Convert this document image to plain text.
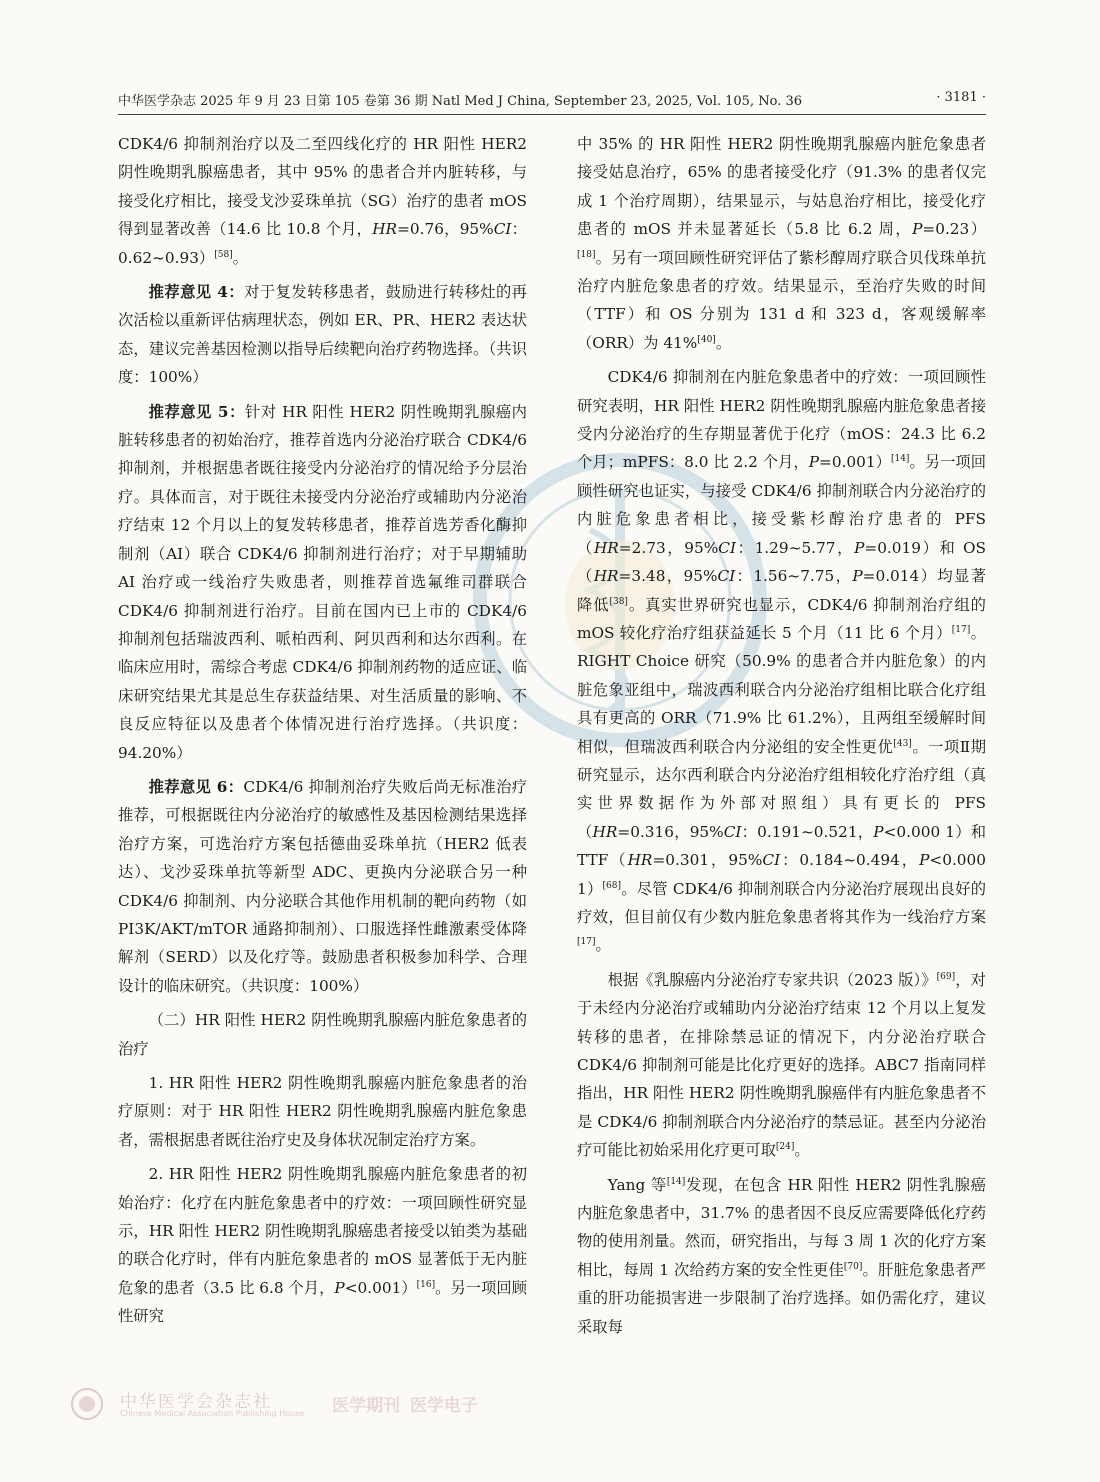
中华医学杂志 2025 年 9 月 23 日第 105 卷第 36 期 Natl Med J China, September 23, 2025, Vol. 105, No. 36	· 3181 ·

CDK4/6 抑制剂治疗以及二至四线化疗的 HR 阳性 HER2 阴性晚期乳腺癌患者，其中 95% 的患者合并内脏转移，与接受化疗相比，接受戈沙妥珠单抗（SG）治疗的患者 mOS 得到显著改善（14.6 比 10.8 个月，HR=0.76，95%CI：0.62~0.93）[58]。

推荐意见 4：对于复发转移患者，鼓励进行转移灶的再次活检以重新评估病理状态，例如 ER、PR、HER2 表达状态，建议完善基因检测以指导后续靶向治疗药物选择。（共识度：100%）

推荐意见 5：针对 HR 阳性 HER2 阴性晚期乳腺癌内脏转移患者的初始治疗，推荐首选内分泌治疗联合 CDK4/6 抑制剂，并根据患者既往接受内分泌治疗的情况给予分层治疗。具体而言，对于既往未接受内分泌治疗或辅助内分泌治疗结束 12 个月以上的复发转移患者，推荐首选芳香化酶抑制剂（AI）联合 CDK4/6 抑制剂进行治疗；对于早期辅助 AI 治疗或一线治疗失败患者，则推荐首选氟维司群联合 CDK4/6 抑制剂进行治疗。目前在国内已上市的 CDK4/6 抑制剂包括瑞波西利、哌柏西利、阿贝西利和达尔西利。在临床应用时，需综合考虑 CDK4/6 抑制剂药物的适应证、临床研究结果尤其是总生存获益结果、对生活质量的影响、不良反应特征以及患者个体情况进行治疗选择。（共识度：94.20%）

推荐意见 6：CDK4/6 抑制剂治疗失败后尚无标准治疗推荐，可根据既往内分泌治疗的敏感性及基因检测结果选择治疗方案，可选治疗方案包括德曲妥珠单抗（HER2 低表达）、戈沙妥珠单抗等新型 ADC、更换内分泌联合另一种 CDK4/6 抑制剂、内分泌联合其他作用机制的靶向药物（如 PI3K/AKT/mTOR 通路抑制剂）、口服选择性雌激素受体降解剂（SERD）以及化疗等。鼓励患者积极参加科学、合理设计的临床研究。（共识度：100%）

（二）HR 阳性 HER2 阴性晚期乳腺癌内脏危象患者的治疗

1. HR 阳性 HER2 阴性晚期乳腺癌内脏危象患者的治疗原则：对于 HR 阳性 HER2 阴性晚期乳腺癌内脏危象患者，需根据患者既往治疗史及身体状况制定治疗方案。

2. HR 阳性 HER2 阴性晚期乳腺癌内脏危象患者的初始治疗：化疗在内脏危象患者中的疗效：一项回顾性研究显示，HR 阳性 HER2 阴性晚期乳腺癌患者接受以铂类为基础的联合化疗时，伴有内脏危象患者的 mOS 显著低于无内脏危象的患者（3.5 比 6.8 个月，P<0.001）[16]。另一项回顾性研究

中 35% 的 HR 阳性 HER2 阴性晚期乳腺癌内脏危象患者接受姑息治疗，65% 的患者接受化疗（91.3% 的患者仅完成 1 个治疗周期），结果显示，与姑息治疗相比，接受化疗患者的 mOS 并未显著延长（5.8 比 6.2 周，P=0.23）[18]。另有一项回顾性研究评估了紫杉醇周疗联合贝伐珠单抗治疗内脏危象患者的疗效。结果显示，至治疗失败的时间（TTF）和 OS 分别为 131 d 和 323 d，客观缓解率（ORR）为 41%[40]。

CDK4/6 抑制剂在内脏危象患者中的疗效：一项回顾性研究表明，HR 阳性 HER2 阴性晚期乳腺癌内脏危象患者接受内分泌治疗的生存期显著优于化疗（mOS：24.3 比 6.2 个月；mPFS：8.0 比 2.2 个月，P=0.001）[14]。另一项回顾性研究也证实，与接受 CDK4/6 抑制剂联合内分泌治疗的内脏危象患者相比，接受紫杉醇治疗患者的 PFS（HR=2.73，95%CI：1.29~5.77，P=0.019）和 OS（HR=3.48，95%CI：1.56~7.75，P=0.014）均显著降低[38]。真实世界研究也显示，CDK4/6 抑制剂治疗组的 mOS 较化疗治疗组获益延长 5 个月（11 比 6 个月）[17]。RIGHT Choice 研究（50.9% 的患者合并内脏危象）的内脏危象亚组中，瑞波西利联合内分泌治疗组相比联合化疗组具有更高的 ORR（71.9% 比 61.2%），且两组至缓解时间相似，但瑞波西利联合内分泌组的安全性更优[43]。一项Ⅱ期研究显示，达尔西利联合内分泌治疗组相较化疗治疗组（真实世界数据作为外部对照组）具有更长的 PFS（HR=0.316，95%CI：0.191~0.521，P<0.000 1）和 TTF（HR=0.301，95%CI：0.184~0.494，P<0.000 1）[68]。尽管 CDK4/6 抑制剂联合内分泌治疗展现出良好的疗效，但目前仅有少数内脏危象患者将其作为一线治疗方案[17]。

根据《乳腺癌内分泌治疗专家共识（2023 版）》[69]，对于未经内分泌治疗或辅助内分泌治疗结束 12 个月以上复发转移的患者，在排除禁忌证的情况下，内分泌治疗联合 CDK4/6 抑制剂可能是比化疗更好的选择。ABC7 指南同样指出，HR 阳性 HER2 阴性晚期乳腺癌伴有内脏危象患者不是 CDK4/6 抑制剂联合内分泌治疗的禁忌证。甚至内分泌治疗可能比初始采用化疗更可取[24]。

Yang 等[14]发现，在包含 HR 阳性 HER2 阴性乳腺癌内脏危象患者中，31.7% 的患者因不良反应需要降低化疗药物的使用剂量。然而，研究指出，与每 3 周 1 次的化疗方案相比，每周 1 次给药方案的安全性更佳[70]。肝脏危象患者严重的肝功能损害进一步限制了治疗选择。如仍需化疗，建议采取每

中华医学会杂志社
Chinese Medical Association Publishing House 医学期刊 医学电子
